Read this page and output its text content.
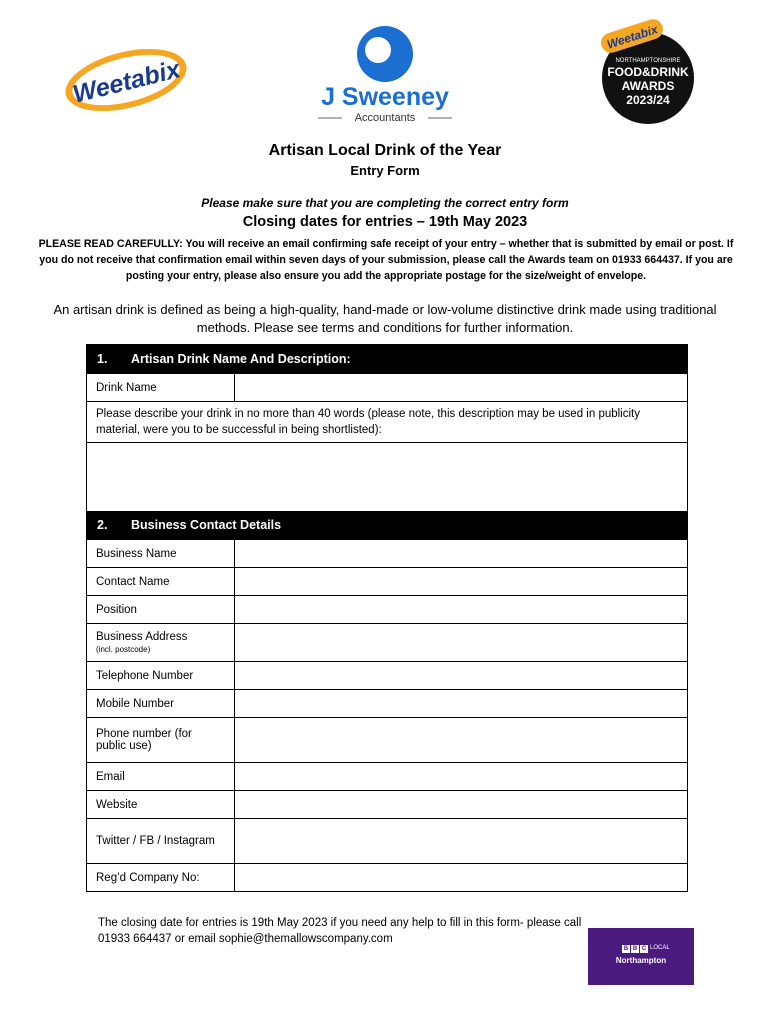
Weetabix	J Sweeney
Accountants
Weetabix
NORTHAMPTONSHIRE
FOOD&DRINK
AWARDS
2023/24
Artisan Local Drink of the Year
Entry Form
Please make sure that you are completing the correct entry form
Closing dates for entries – 19th May 2023
PLEASE READ CAREFULLY: You will receive an email confirming safe receipt of your entry – whether that is submitted by email or post. If you do not receive that confirmation email within seven days of your submission, please call the Awards team on 01933 664437. If you are posting your entry, please also ensure you add the appropriate postage for the size/weight of envelope.
An artisan drink is defined as being a high-quality, hand-made or low-volume distinctive drink made using traditional methods. Please see terms and conditions for further information.
1.	Artisan Drink Name And Description:
Drink Name
Please describe your drink in no more than 40 words (please note, this description may be used in publicity material, were you to be successful in being shortlisted):
2.	Business Contact Details
Business Name
Contact Name
Position
Business Address
(incl. postcode)
Telephone Number
Mobile Number
Phone number (for public use)
Email
Website
Twitter / FB / Instagram
Reg’d Company No:
The closing date for entries is 19th May 2023 if you need any help to fill in this form- please call 01933 664437 or email sophie@themallowscompany.com
B B C LOCAL
Northampton
